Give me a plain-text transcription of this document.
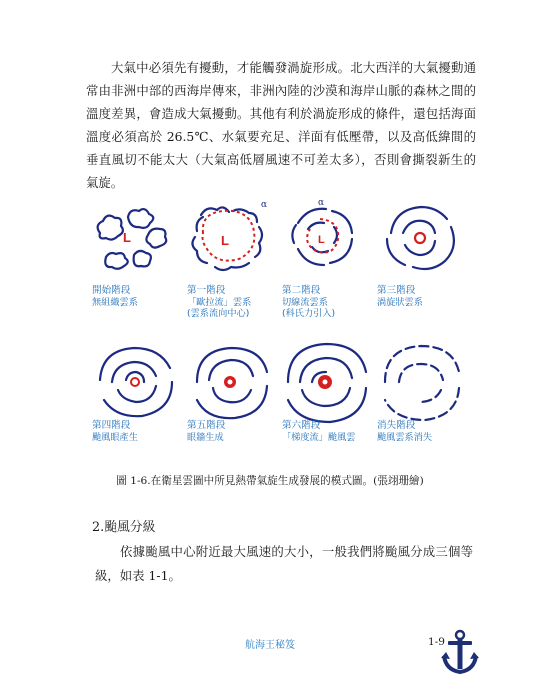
大氣中必須先有擾動，才能觸發渦旋形成。北大西洋的大氣擾動通常由非洲中部的西海岸傳來，非洲內陸的沙漠和海岸山脈的森林之間的溫度差異，會造成大氣擾動。其他有利於渦旋形成的條件，還包括海面溫度必須高於 26.5℃、水氣要充足、洋面有低壓帶，以及高低緯間的垂直風切不能太大（大氣高低層風速不可差太多），否則會撕裂新生的氣旋。

L
開始階段
無組織雲系
L
α
第一階段
「歐拉流」雲系
(雲系流向中心)
L
α
第二階段
切線流雲系
(科氏力引入)
第三階段
渦旋狀雲系
第四階段
颱風眼產生
第五階段
眼牆生成
第六階段
「梯度流」颱風雲
消失階段
颱風雲系消失
圖 1-6.在衛星雲圖中所見熱帶氣旋生成發展的模式圖。(張翊珊繪)
2.颱風分級

依據颱風中心附近最大風速的大小，一般我們將颱風分成三個等級，如表 1-1。

航海王秘笈	1-9
